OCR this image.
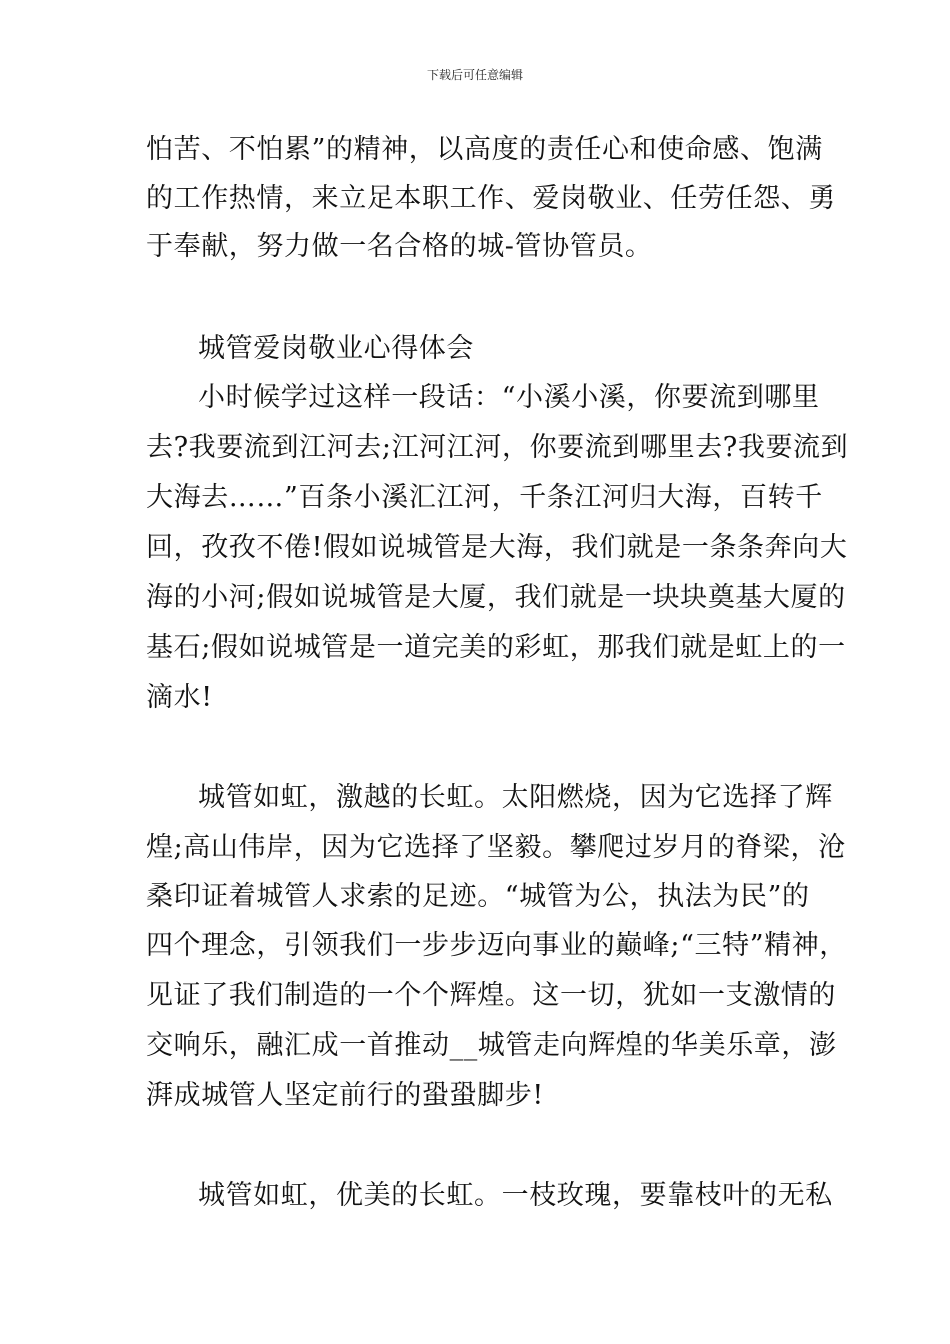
下载后可任意编辑
怕苦、不怕累”的精神，以高度的责任心和使命感、饱满
的工作热情，来立足本职工作、爱岗敬业、任劳任怨、勇
于奉献，努力做一名合格的城-管协管员。
城管爱岗敬业心得体会
小时候学过这样一段话：“小溪小溪，你要流到哪里
去?我要流到江河去;江河江河，你要流到哪里去?我要流到
大海去……”百条小溪汇江河，千条江河归大海，百转千
回，孜孜不倦!假如说城管是大海，我们就是一条条奔向大
海的小河;假如说城管是大厦，我们就是一块块奠基大厦的
基石;假如说城管是一道完美的彩虹，那我们就是虹上的一
滴水!
城管如虹，激越的长虹。太阳燃烧，因为它选择了辉
煌;高山伟岸，因为它选择了坚毅。攀爬过岁月的脊梁，沧
桑印证着城管人求索的足迹。“城管为公，执法为民”的
四个理念，引领我们一步步迈向事业的巅峰;“三特”精神，
见证了我们制造的一个个辉煌。这一切，犹如一支激情的
交响乐，融汇成一首推动__城管走向辉煌的华美乐章，澎
湃成城管人坚定前行的蛩蛩脚步!
城管如虹，优美的长虹。一枝玫瑰，要靠枝叶的无私
